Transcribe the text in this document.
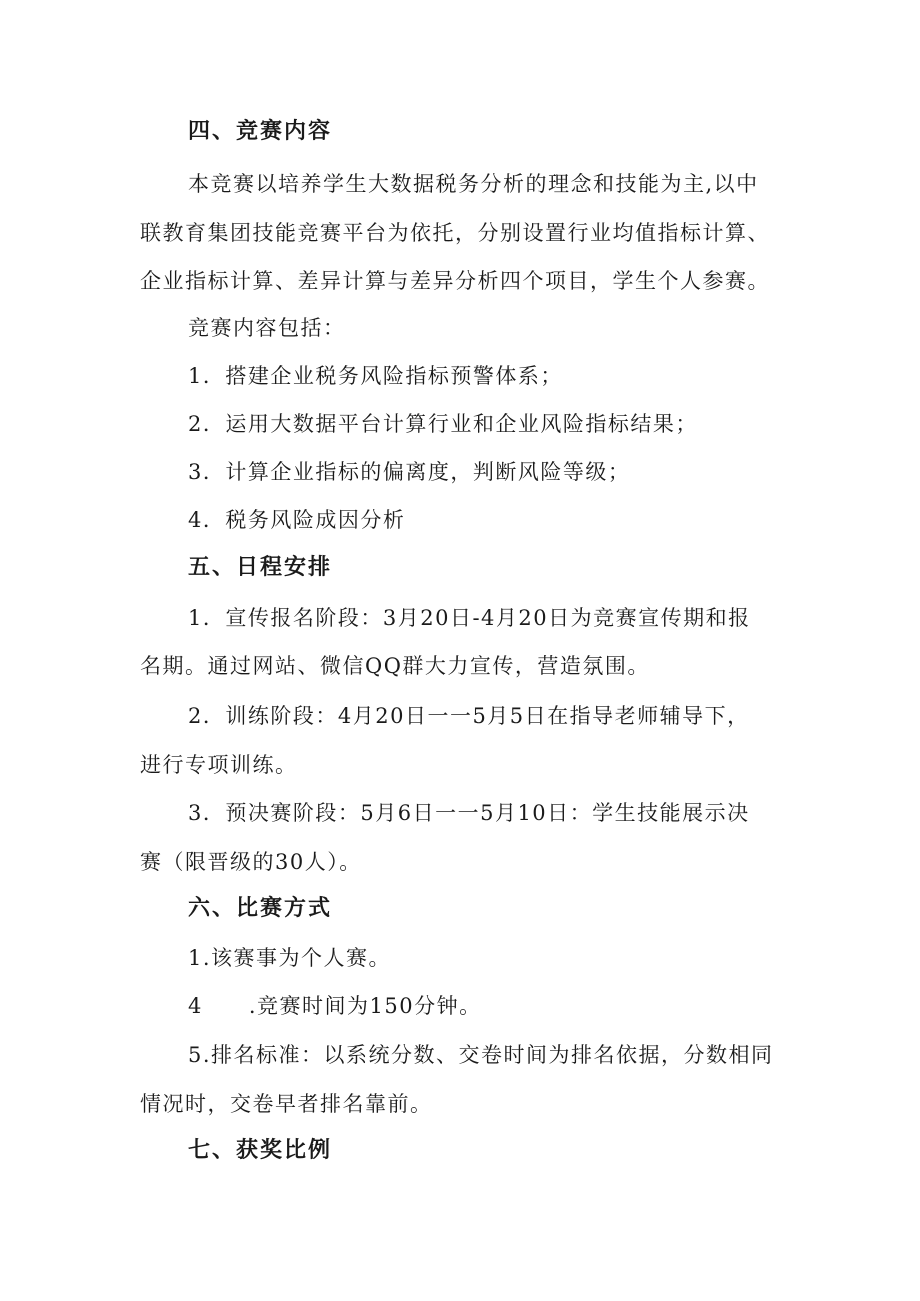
四、竞赛内容
本竞赛以培养学生大数据税务分析的理念和技能为主,以中
联教育集团技能竞赛平台为依托，分别设置行业均值指标计算、
企业指标计算、差异计算与差异分析四个项目，学生个人参赛。
竞赛内容包括：
1．搭建企业税务风险指标预警体系；
2．运用大数据平台计算行业和企业风险指标结果；
3．计算企业指标的偏离度，判断风险等级；
4．税务风险成因分析
五、日程安排
1．宣传报名阶段：3月20日-4月20日为竞赛宣传期和报
名期。通过网站、微信QQ群大力宣传，营造氛围。
2．训练阶段：4月20日一一5月5日在指导老师辅导下，
进行专项训练。
3．预决赛阶段：5月6日一一5月10日：学生技能展示决
赛（限晋级的30人）。
六、比赛方式
1.该赛事为个人赛。
4 .竞赛时间为150分钟。
5.排名标准：以系统分数、交卷时间为排名依据，分数相同
情况时，交卷早者排名靠前。
七、获奖比例
